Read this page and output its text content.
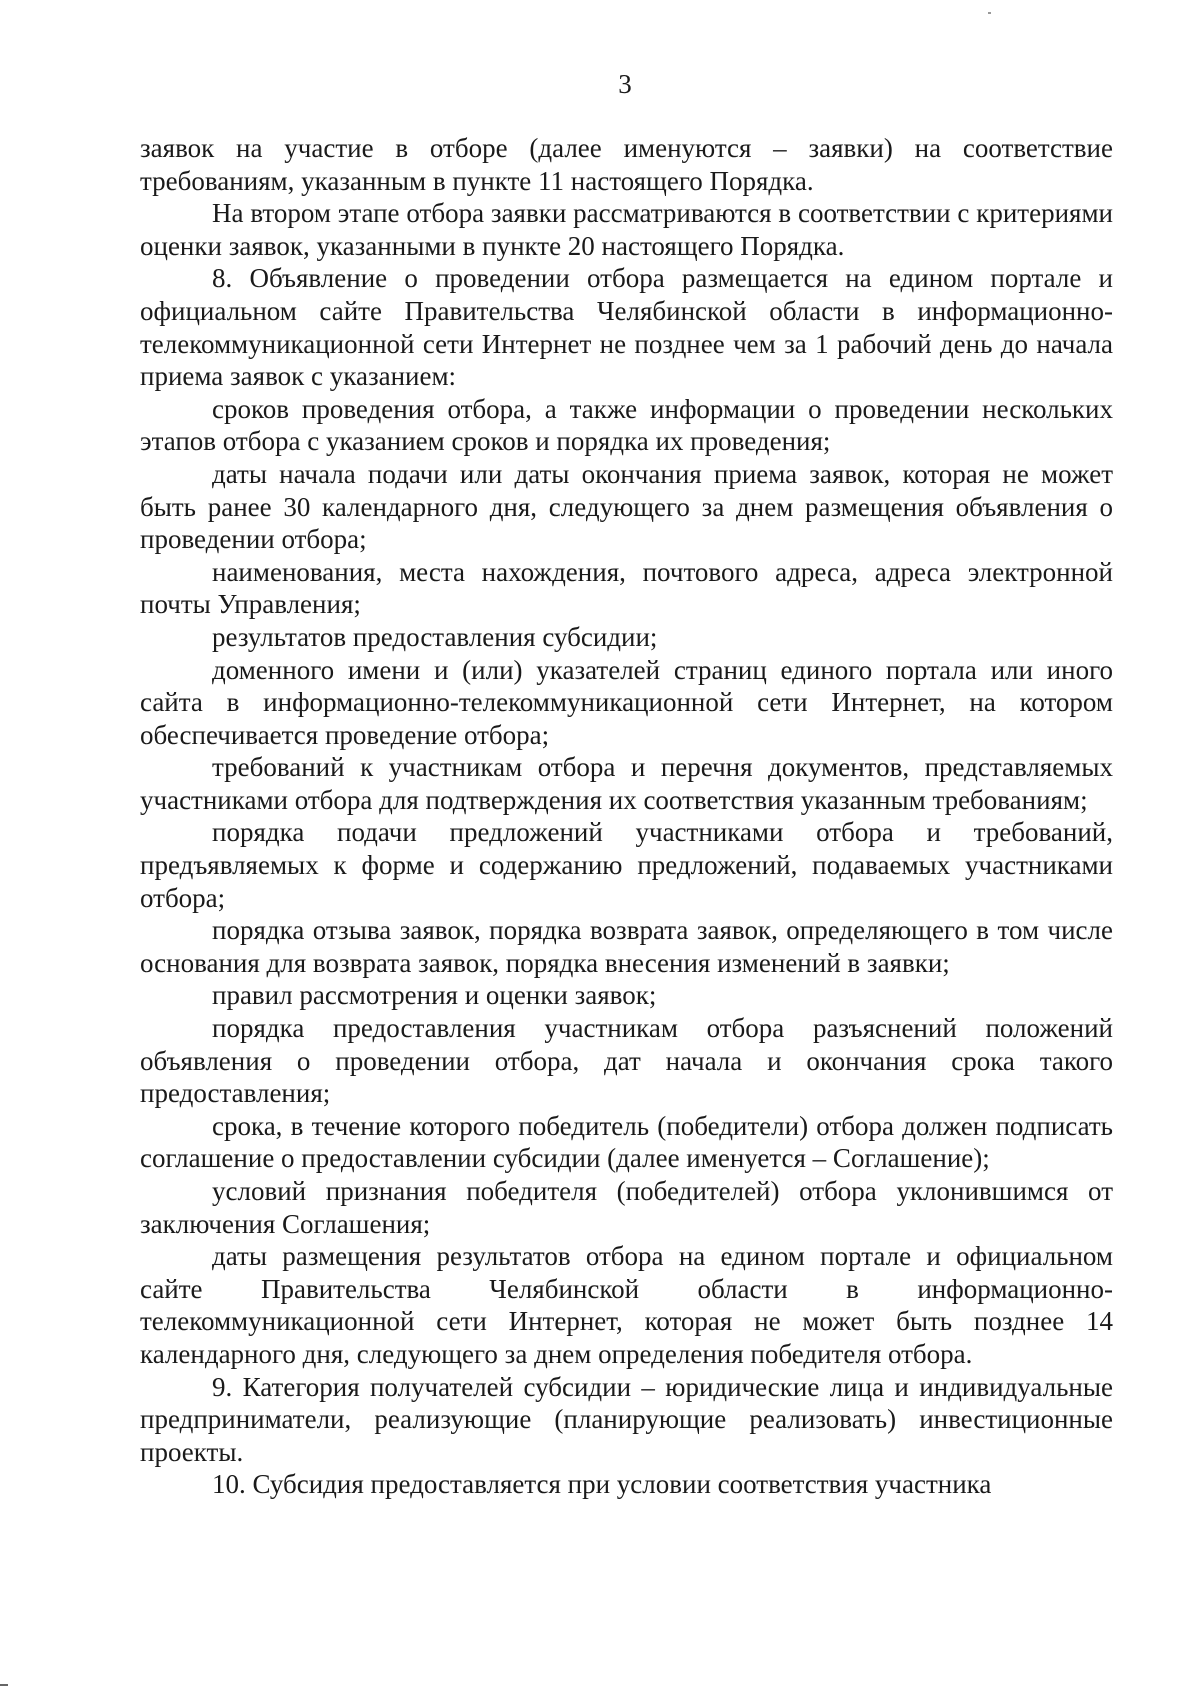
3

заявок на участие в отборе (далее именуются – заявки) на соответствие требованиям, указанным в пункте 11 настоящего Порядка.

На втором этапе отбора заявки рассматриваются в соответствии с критериями оценки заявок, указанными в пункте 20 настоящего Порядка.

8. Объявление о проведении отбора размещается на едином портале и официальном сайте Правительства Челябинской области в информационно-телекоммуникационной сети Интернет не позднее чем за 1 рабочий день до начала приема заявок с указанием:

сроков проведения отбора, а также информации о проведении нескольких этапов отбора с указанием сроков и порядка их проведения;

даты начала подачи или даты окончания приема заявок, которая не может быть ранее 30 календарного дня, следующего за днем размещения объявления о проведении отбора;

наименования, места нахождения, почтового адреса, адреса электронной почты Управления;

результатов предоставления субсидии;

доменного имени и (или) указателей страниц единого портала или иного сайта в информационно-телекоммуникационной сети Интернет, на котором обеспечивается проведение отбора;

требований к участникам отбора и перечня документов, представляемых участниками отбора для подтверждения их соответствия указанным требованиям;

порядка подачи предложений участниками отбора и требований, предъявляемых к форме и содержанию предложений, подаваемых участниками отбора;

порядка отзыва заявок, порядка возврата заявок, определяющего в том числе основания для возврата заявок, порядка внесения изменений в заявки;

правил рассмотрения и оценки заявок;

порядка предоставления участникам отбора разъяснений положений объявления о проведении отбора, дат начала и окончания срока такого предоставления;

срока, в течение которого победитель (победители) отбора должен подписать соглашение о предоставлении субсидии (далее именуется – Соглашение);

условий признания победителя (победителей) отбора уклонившимся от заключения Соглашения;

даты размещения результатов отбора на едином портале и официальном сайте Правительства Челябинской области в информационно-телекоммуникационной сети Интернет, которая не может быть позднее 14 календарного дня, следующего за днем определения победителя отбора.

9. Категория получателей субсидии – юридические лица и индивидуальные предприниматели, реализующие (планирующие реализовать) инвестиционные проекты.

10. Субсидия предоставляется при условии соответствия участника
